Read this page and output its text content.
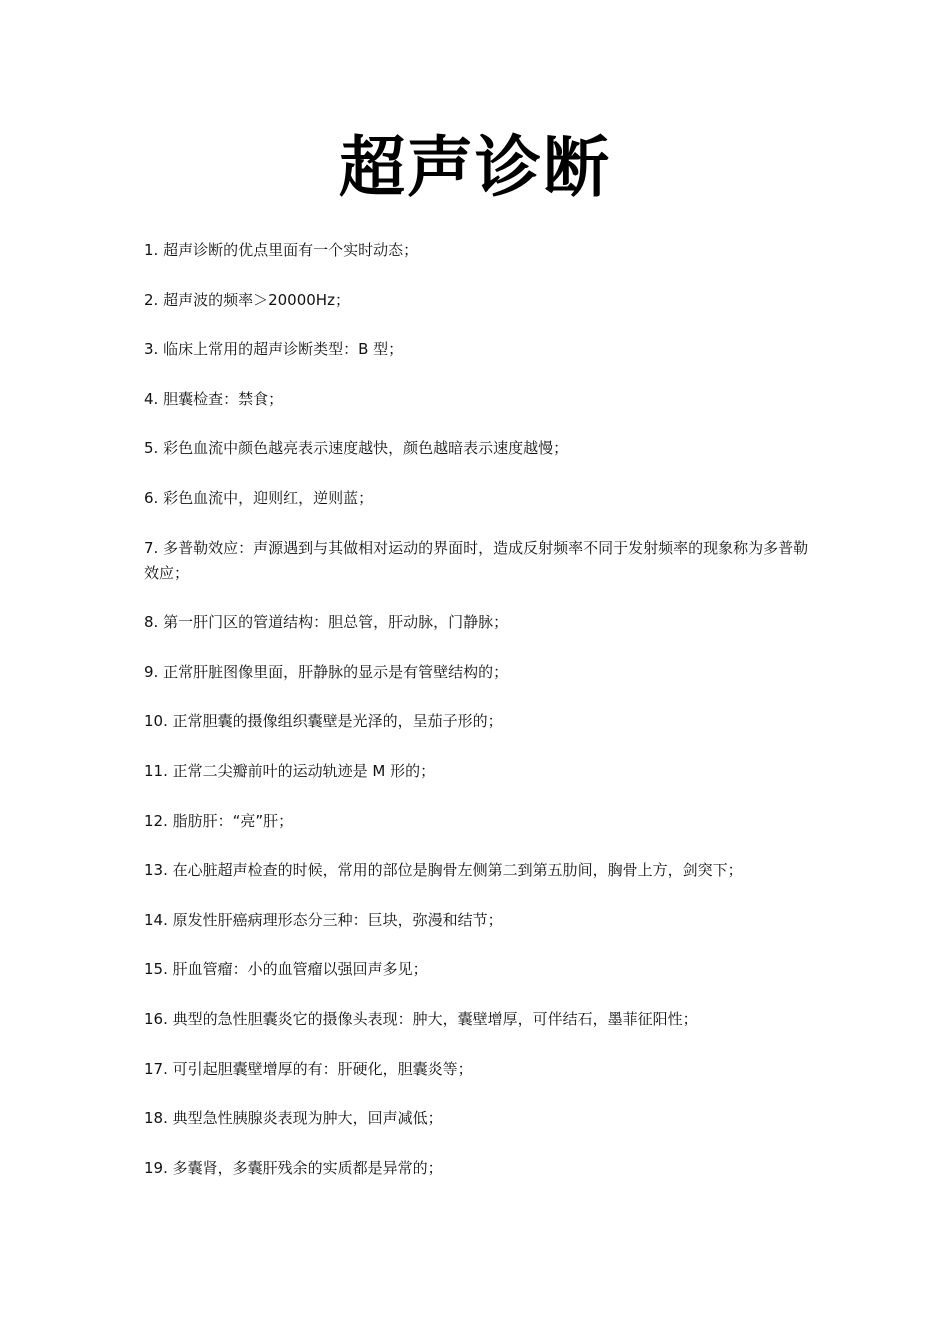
超声诊断
1. 超声诊断的优点里面有一个实时动态；
2. 超声波的频率＞20000Hz；
3. 临床上常用的超声诊断类型：B 型；
4. 胆囊检查：禁食；
5. 彩色血流中颜色越亮表示速度越快，颜色越暗表示速度越慢；
6. 彩色血流中，迎则红，逆则蓝；
7. 多普勒效应：声源遇到与其做相对运动的界面时，造成反射频率不同于发射频率的现象称为多普勒效应；
8. 第一肝门区的管道结构：胆总管，肝动脉，门静脉；
9. 正常肝脏图像里面，肝静脉的显示是有管壁结构的；
10. 正常胆囊的摄像组织囊壁是光泽的，呈茄子形的；
11. 正常二尖瓣前叶的运动轨迹是 M 形的；
12. 脂肪肝：“亮”肝；
13. 在心脏超声检查的时候，常用的部位是胸骨左侧第二到第五肋间，胸骨上方，剑突下；
14. 原发性肝癌病理形态分三种：巨块，弥漫和结节；
15. 肝血管瘤：小的血管瘤以强回声多见；
16. 典型的急性胆囊炎它的摄像头表现：肿大，囊壁增厚，可伴结石，墨菲征阳性；
17. 可引起胆囊壁增厚的有：肝硬化，胆囊炎等；
18. 典型急性胰腺炎表现为肿大，回声减低；
19. 多囊肾，多囊肝残余的实质都是异常的；
